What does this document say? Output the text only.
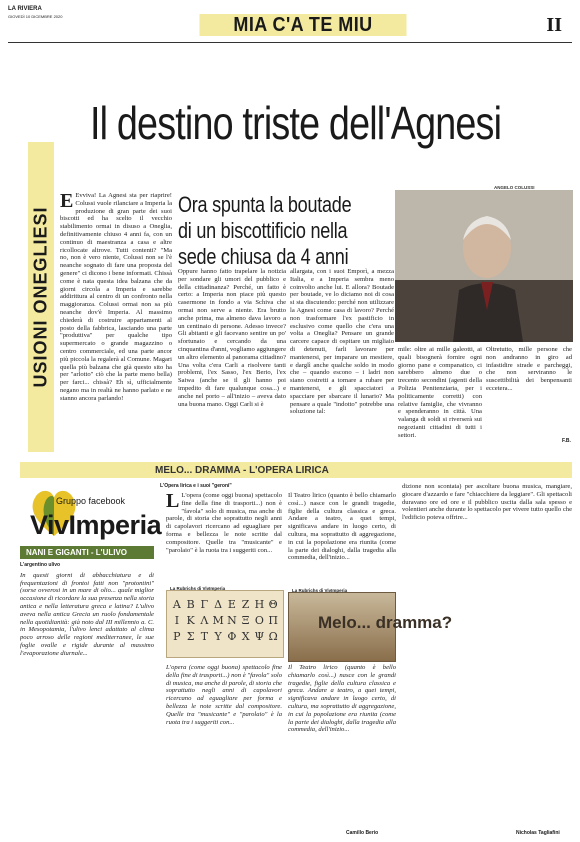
LA RIVIERA
GIOVEDÌ 10 DICEMBRE 2020	MIA C'A TE MIU	II
Il destino triste dell'Agnesi
USIONI ONEGLIESI
E Evviva! La Agnesi sta per riaprire! Colussi vuole rilanciare a Imperia la produzione di gran parte dei suoi biscotti ed ha scelto il vecchio stabilimento ormai in disuso a Oneglia, definitivamente chiuso 4 anni fa, con un continuo di maestranza a casa e altre ricollocate altrove. Tutti contenti? "Ma no, non è vero niente, Colussi non se l'è neanche sognato di fare una proposta del genere" ci dicono i bene informati. Chissà come è nata questa idea balzana che da giorni circola a Imperia e sarebbe addirittura al centro di un confronto nella maggioranza. Colussi ormai non sa più neanche dov'è Imperia. Al massimo chiederà di costruire appartamenti al posto della fabbrica, lasciando una parte "produttiva" per qualche tipo supermercato o grande magazzino o centro commerciale, ed una parte ancor più piccola la regalerà al Comune. Magari quella più balzana che già questo sito ha per "arlotto" ciò che la parte meno bella) per farci... chissà? Eh sì, ufficialmente negano ma in realtà ne hanno parlato e ne stanno ancora parlando!
Ora spunta la boutade di un biscottificio nella sede chiusa da 4 anni
Oppure hanno fatto trapelare la notizia per sondare gli umori del pubblico e della cittadinanza? Perché, un fatto è certo: a Imperia non piace più questo casermone in fondo a via Schiva che ormai non serve a niente. Era brutto anche prima, ma almeno dava lavoro a un centinaio di persone. Adesso invece? Gli abitanti e gli facevano sentire un po' sfortunato e cercando da una cinquantina d'anni, vogliamo aggiungere un altro elemento al panorama cittadino? Una volta c'era Carli a risolvere tanti problemi, l'ex Sasso, l'ex Berio, l'ex Saiwa (anche se il gli hanno poi impedito di fare qualunque cosa...) e anche nel porto – all'inizio – aveva dato una buona mano. Oggi Carli si è
allargata, con i suoi Emporì, a mezza Italia, e a Imperia sembra meno coinvolto anche lui. E allora? Boutade per boutade, ve lo diciamo noi di cosa si sta discutendo: perché non utilizzare la Agnesi come casa di lavoro? Perché non trasformare l'ex pastificio in esclusivo come quello che c'era una volta a Oneglia? Pensare un grande carcere capace di ospitare un migliaio di detenuti, farli lavorare per mantenersi, per imparare un mestiere, e darglì anche qualche soldo in modo che – quando escono – i ladri non siano costretti a tornare a rubare per mantenersi, e gli spacciatori a spacciare per sbarcare il lunario? Ma pensare a quale "indotto" potrebbe una soluzione tal:
ANGELO COLUSSI
mile: oltre ai mille galeotti, ai quali bisognerà fornire ogni giorno pane e companatico, ci sarebbero almeno due o trecento secondini (agenti della Polizia Penitenziaria, per i politicamente corretti) con relative famiglie, che vivranno e spenderanno in città. Una valanga di soldi si riverserà sui negozianti cittadini di tutti i settori.
Oltretutto, mille persone che non andranno in giro ad infastidire strade e parcheggi, che non serviranno le suscettibilità dei benpensanti eccetera...
F.B.
MELO... DRAMMA - L'OPERA LIRICA
Gruppo facebook
VivImperia
NANI E GIGANTI - L'ULIVO
L'argentino ulivo
In questi giorni di abbacchiatura e di frequentazioni di frontoi fatti non "protontini" (sorse ovverosi in un mare di olio... quale miglior occasione di ricordare la sua presenza nella storia antica e nella letteratura greca e latina? L'ulivo aveva nella antica Grecia un ruolo fondamentale nella quotidianità: già noto dal III millennio a. C. in Mesopotamia, l'ulivo lenci adattato al clima poco arroso delle regioni mediterranee, le sue foglie ovalle e rigide durante al massimo l'evaporazione diurnale...
L'Opera lirica e i suoi "geroni"
L L'opera (come oggi buona) spettacolo fine della fine di trasporti...) non è "favola" solo di musica, ma anche di parole, di storia che soprattutto negli anni di capolavori ricercano ad eguagliare per forma e bellezza le note scritte dal compositore. Quelle tra "musicante" e "parolaio" è la ruota tra i suggeriti con...
Il Teatro lirico (quanto è bello chiamarlo così...) nasce con le grandi tragedie, figlie della cultura classica e greca. Andare a teatro, a quei tempi, significava andare in luogo certo, di cultura, ma soprattutto di aggregazione, in cui la popolazione era riunita (come la parte dei dialoghi, dalla tragedia alla commedia, dell'inizio...
dizione non scontata) per ascoltare buona musica, mangiare, giocare d'azzardo e fare "chiacchiere da leggiare". Gli spettacoli duravano ore ed ore e il pubblico uscita dalla sala spesso e volentieri anche durante lo spettacolo per vivere tutto quello che l'edificio poteva offrire...
La Rubrichs di VivImperia
Α Β Γ Δ Ε Ζ Η Θ
Ι Κ Λ Μ Ν Ξ Ο Π
Ρ Σ Τ Υ Φ Χ Ψ Ω
La Rubrichs di VivImperia
Melo... dramma?
L'opera (come oggi buona) spettacolo fine della fine di trasporti...) non è "favola" solo di musica, ma anche di parole, di storia che soprattutto negli anni di capolavori ricercano ad eguagliare per forma e bellezza le note scritte dal compositore. Quelle tra "musicante" e "parolaio" è la ruota tra i suggeriti con...
Il Teatro lirico (quanto è bello chiamarlo così...) nasce con le grandi tragedie, figlie della cultura classica e greca. Andare a teatro, a quei tempi, significava andare in luogo certo, di cultura, ma soprattutto di aggregazione, in cui la popolazione era riunita (come la parte dei dialoghi, dalla tragedia alla commedia, dell'inizio...
Camillo Berio	Nicholas Tagliafini
